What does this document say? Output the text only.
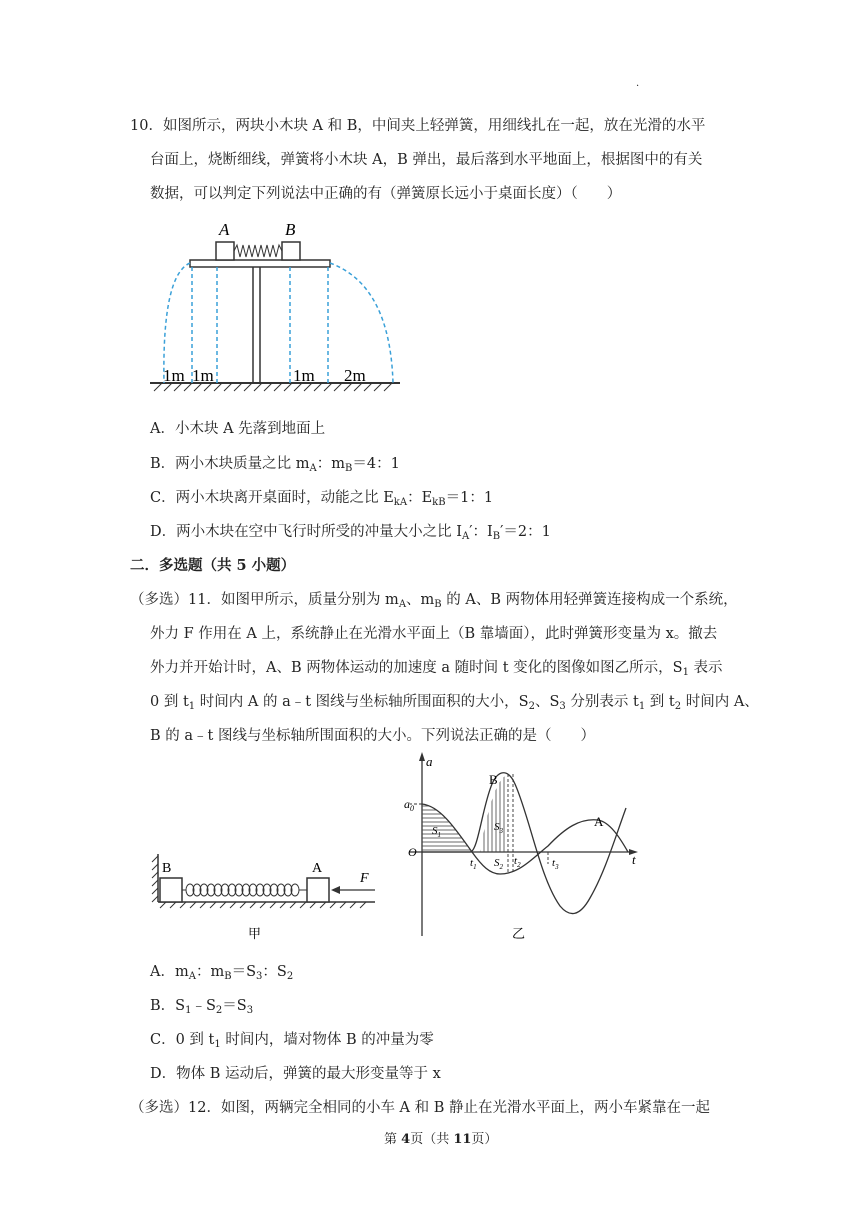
.
10．如图所示，两块小木块 A 和 B，中间夹上轻弹簧，用细线扎在一起，放在光滑的水平
台面上，烧断细线，弹簧将小木块 A，B 弹出，最后落到水平地面上，根据图中的有关
数据，可以判定下列说法中正确的有（弹簧原长远小于桌面长度）（　　）
A	B
1m 1m	1m 2m
A．小木块 A 先落到地面上
B．两小木块质量之比 $m_A$：$m_B=4$：1
C．两小木块离开桌面时，动能之比 $E_{kA}$：$E_{kB}=1$：1
D．两小木块在空中飞行时所受的冲量大小之比 $I_A'$：$I_B'=2$：1
二．多选题（共 5 小题）
（多选）11．如图甲所示，质量分别为 $m_A$、$m_B$ 的 A、B 两物体用轻弹簧连接构成一个系统，
外力 F 作用在 A 上，系统静止在光滑水平面上（B 靠墙面），此时弹簧形变量为 x。撤去
外力并开始计时，A、B 两物体运动的加速度 a 随时间 t 变化的图像如图乙所示，$S_1$ 表示
0 到 $t_1$ 时间内 A 的 a﹣t 图线与坐标轴所围面积的大小，$S_2$、$S_3$ 分别表示 $t_1$ 到 $t_2$ 时间内 A、
B 的 a﹣t 图线与坐标轴所围面积的大小。下列说法正确的是（　　）
B	A
F
甲
a
$a_0$
O	t
B
A
$S_1$
$S_3$
$S_2$
$t_1$	$t_2$	$t_3$
乙
A．$m_A$：$m_B=S_3$：$S_2$
B．$S_1﹣S_2=S_3$
C．0 到 $t_1$ 时间内，墙对物体 B 的冲量为零
D．物体 B 运动后，弹簧的最大形变量等于 x
（多选）12．如图，两辆完全相同的小车 A 和 B 静止在光滑水平面上，两小车紧靠在一起
第 4页（共 11页）
